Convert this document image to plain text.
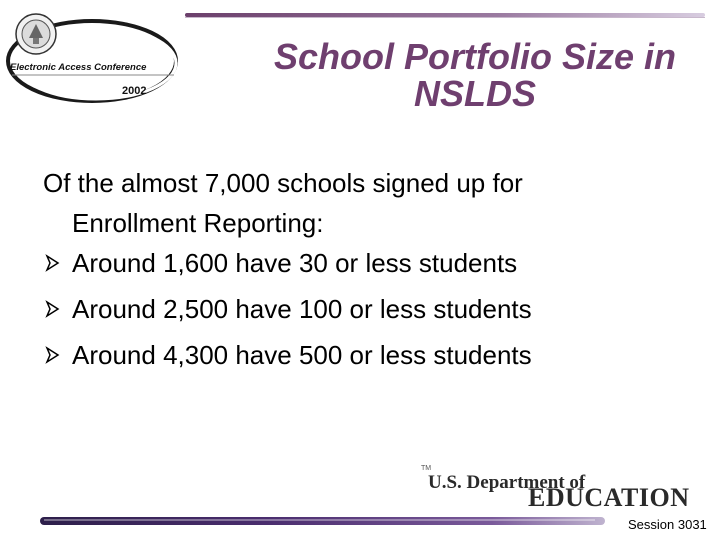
Electronic Access Conference
2002
School Portfolio Size in
NSLDS

Of the almost 7,000 schools signed up for
Enrollment Reporting:

Around 1,600 have 30 or less students
Around 2,500 have 100 or less students
Around 4,300 have 500 or less students
TM
U.S. Department of
EDUCATION
Session 3031
